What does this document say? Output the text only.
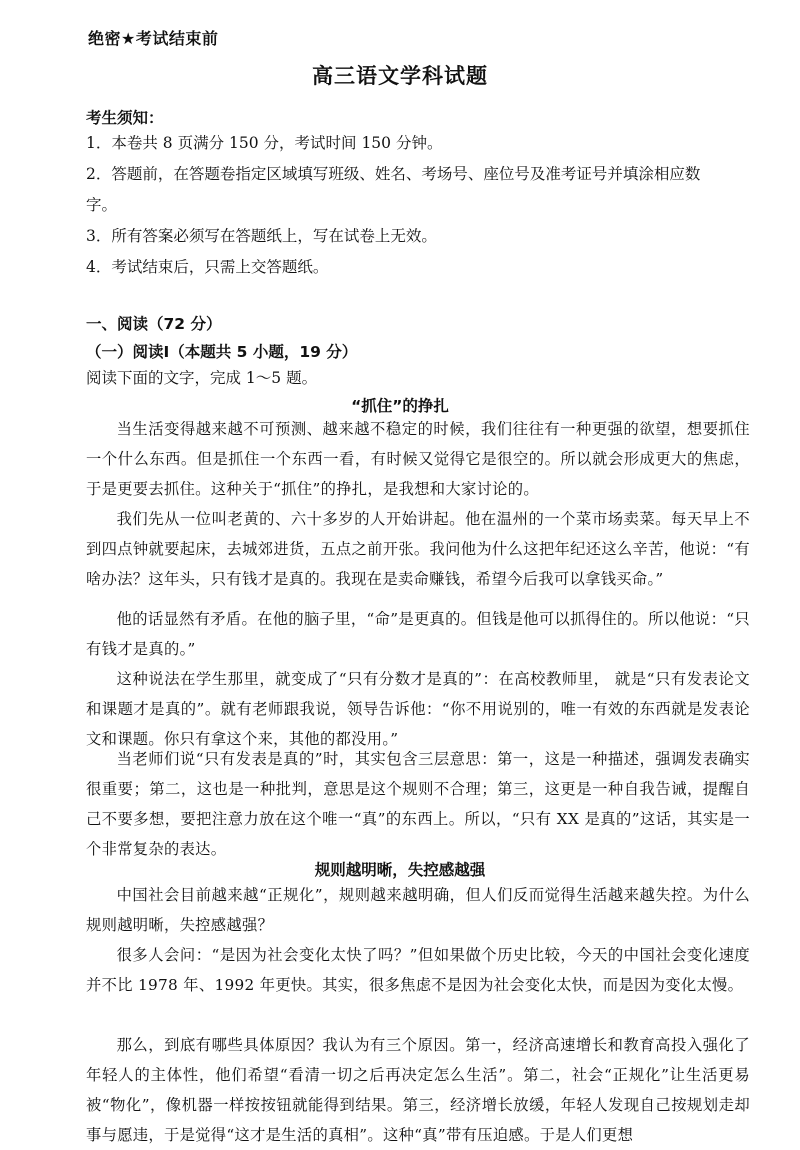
绝密★考试结束前
高三语文学科试题
考生须知：
1．本卷共 8 页满分 150 分，考试时间 150 分钟。
2．答题前，在答题卷指定区域填写班级、姓名、考场号、座位号及准考证号并填涂相应数
字。
3．所有答案必须写在答题纸上，写在试卷上无效。
4．考试结束后，只需上交答题纸。
一、阅读（72 分）
（一）阅读Ⅰ（本题共 5 小题，19 分）
阅读下面的文字，完成 1～5 题。
“抓住”的挣扎
当生活变得越来越不可预测、越来越不稳定的时候，我们往往有一种更强的欲望，想要抓住一个什么东西。但是抓住一个东西一看，有时候又觉得它是很空的。所以就会形成更大的焦虑，于是更要去抓住。这种关于“抓住”的挣扎，是我想和大家讨论的。
我们先从一位叫老黄的、六十多岁的人开始讲起。他在温州的一个菜市场卖菜。每天早上不到四点钟就要起床，去城郊进货，五点之前开张。我问他为什么这把年纪还这么辛苦，他说：“有啥办法？这年头，只有钱才是真的。我现在是卖命赚钱，希望今后我可以拿钱买命。”
他的话显然有矛盾。在他的脑子里，“命”是更真的。但钱是他可以抓得住的。所以他说：“只有钱才是真的。”
这种说法在学生那里，就变成了“只有分数才是真的”：在高校教师里， 就是“只有发表论文和课题才是真的”。就有老师跟我说，领导告诉他：“你不用说别的，唯一有效的东西就是发表论文和课题。你只有拿这个来，其他的都没用。”
当老师们说“只有发表是真的”时，其实包含三层意思：第一，这是一种描述，强调发表确实很重要；第二，这也是一种批判，意思是这个规则不合理；第三，这更是一种自我告诫，提醒自己不要多想，要把注意力放在这个唯一“真”的东西上。所以，“只有 XX 是真的”这话，其实是一个非常复杂的表达。
规则越明晰，失控感越强
中国社会目前越来越“正规化”，规则越来越明确，但人们反而觉得生活越来越失控。为什么规则越明晰，失控感越强？
很多人会问：“是因为社会变化太快了吗？”但如果做个历史比较，今天的中国社会变化速度并不比 1978 年、1992 年更快。其实，很多焦虑不是因为社会变化太快，而是因为变化太慢。
那么，到底有哪些具体原因？我认为有三个原因。第一，经济高速增长和教育高投入强化了年轻人的主体性，他们希望“看清一切之后再决定怎么生活”。第二，社会“正规化”让生活更易被“物化”，像机器一样按按钮就能得到结果。第三，经济增长放缓，年轻人发现自己按规划走却事与愿违，于是觉得“这才是生活的真相”。这种“真”带有压迫感。于是人们更想
